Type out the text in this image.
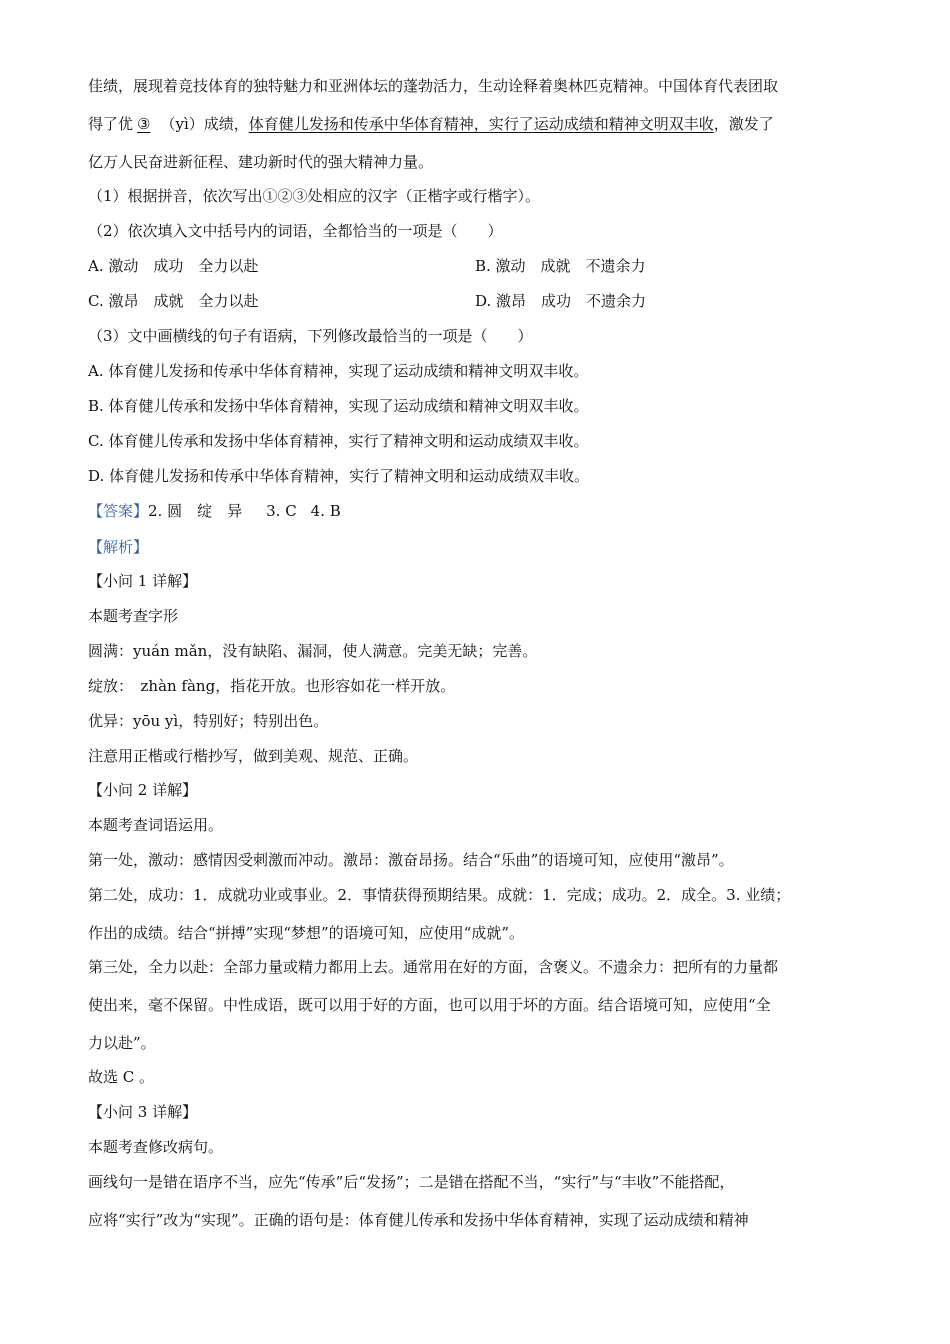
佳绩，展现着竞技体育的独特魅力和亚洲体坛的蓬勃活力，生动诠释着奥林匹克精神。中国体育代表团取
得了优 ③ （yì）成绩，体育健儿发扬和传承中华体育精神，实行了运动成绩和精神文明双丰收，激发了
亿万人民奋进新征程、建功新时代的强大精神力量。
（1）根据拼音，依次写出①②③处相应的汉字（正楷字或行楷字）。
（2）依次填入文中括号内的词语，全都恰当的一项是（　　）
A. 激动　成功　全力以赴	B. 激动　成就　不遗余力
C. 激昂　成就　全力以赴	D. 激昂　成功　不遗余力
（3）文中画横线的句子有语病，下列修改最恰当的一项是（　　）
A. 体育健儿发扬和传承中华体育精神，实现了运动成绩和精神文明双丰收。
B. 体育健儿传承和发扬中华体育精神，实现了运动成绩和精神文明双丰收。
C. 体育健儿传承和发扬中华体育精神，实行了精神文明和运动成绩双丰收。
D. 体育健儿发扬和传承中华体育精神，实行了精神文明和运动成绩双丰收。
【答案】2. 圆　绽　异 3. C 4. B
【解析】
【小问 1 详解】
本题考查字形
圆满：yuán mǎn，没有缺陷、漏洞，使人满意。完美无缺；完善。
绽放：　zhàn fàng，指花开放。也形容如花一样开放。
优异：yōu yì，特别好；特别出色。
注意用正楷或行楷抄写，做到美观、规范、正确。
【小问 2 详解】
本题考查词语运用。
第一处，激动：感情因受刺激而冲动。激昂：激奋昂扬。结合“乐曲”的语境可知，应使用“激昂”。
第二处，成功：1．成就功业或事业。2．事情获得预期结果。成就：1．完成；成功。2．成全。3. 业绩；
作出的成绩。结合“拼搏”实现“梦想”的语境可知，应使用“成就”。
第三处，全力以赴：全部力量或精力都用上去。通常用在好的方面，含褒义。不遗余力：把所有的力量都
使出来，毫不保留。中性成语，既可以用于好的方面，也可以用于坏的方面。结合语境可知，应使用“全
力以赴”。
故选 C 。
【小问 3 详解】
本题考查修改病句。
画线句一是错在语序不当，应先“传承”后“发扬”；二是错在搭配不当，“实行”与“丰收”不能搭配，
应将“实行”改为“实现”。正确的语句是：体育健儿传承和发扬中华体育精神，实现了运动成绩和精神
